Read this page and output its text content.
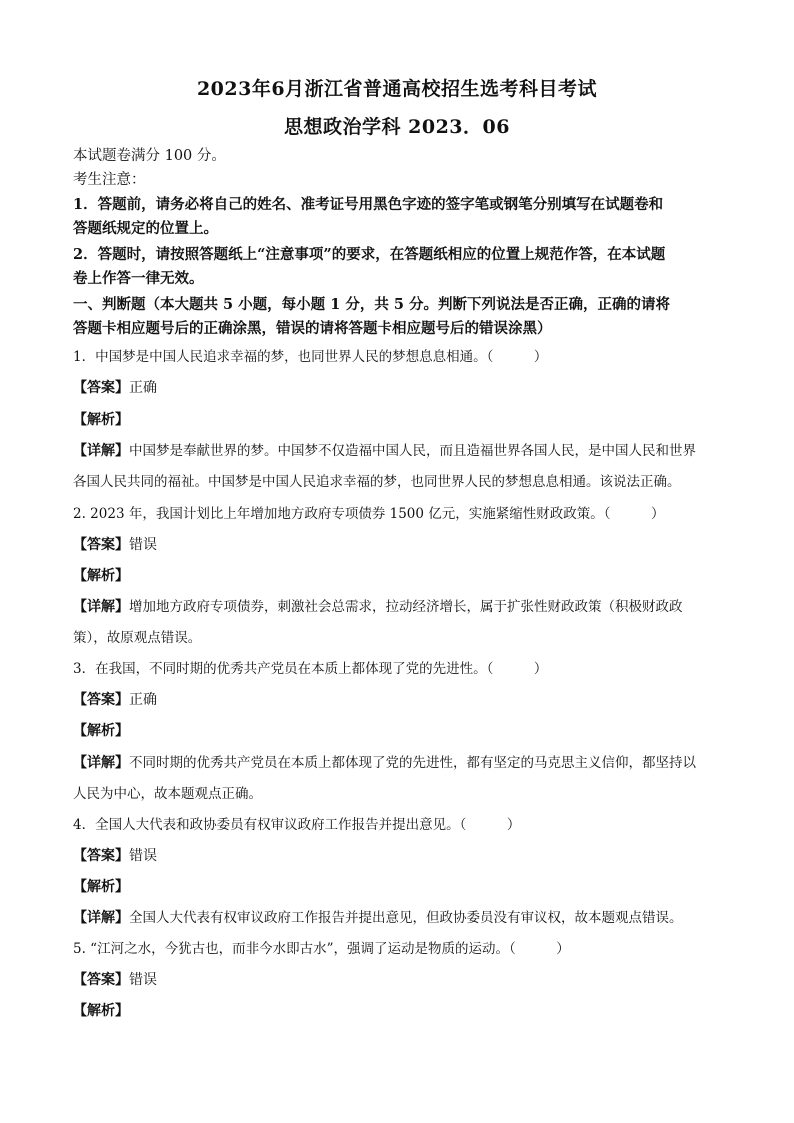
2023年6月浙江省普通高校招生选考科目考试
思想政治学科 2023．06
本试题卷满分 100 分。
考生注意：
1．答题前，请务必将自己的姓名、准考证号用黑色字迹的签字笔或钢笔分别填写在试题卷和
答题纸规定的位置上。
2．答题时，请按照答题纸上“注意事项”的要求，在答题纸相应的位置上规范作答，在本试题
卷上作答一律无效。
一、判断题（本大题共 5 小题，每小题 1 分，共 5 分。判断下列说法是否正确，正确的请将
答题卡相应题号后的正确涂黑，错误的请将答题卡相应题号后的错误涂黑）
1．中国梦是中国人民追求幸福的梦，也同世界人民的梦想息息相通。（　　　）
【答案】正确
【解析】
【详解】中国梦是奉献世界的梦。中国梦不仅造福中国人民，而且造福世界各国人民，是中国人民和世界
各国人民共同的福祉。中国梦是中国人民追求幸福的梦，也同世界人民的梦想息息相通。该说法正确。
2. 2023 年，我国计划比上年增加地方政府专项债券 1500 亿元，实施紧缩性财政政策。（　　　）
【答案】错误
【解析】
【详解】增加地方政府专项债券，刺激社会总需求，拉动经济增长，属于扩张性财政政策（积极财政政
策），故原观点错误。
3．在我国，不同时期的优秀共产党员在本质上都体现了党的先进性。（　　　）
【答案】正确
【解析】
【详解】不同时期的优秀共产党员在本质上都体现了党的先进性，都有坚定的马克思主义信仰，都坚持以
人民为中心，故本题观点正确。
4．全国人大代表和政协委员有权审议政府工作报告并提出意见。（　　　）
【答案】错误
【解析】
【详解】全国人大代表有权审议政府工作报告并提出意见，但政协委员没有审议权，故本题观点错误。
5. “江河之水，今犹古也，而非今水即古水”，强调了运动是物质的运动。（　　　）
【答案】错误
【解析】
